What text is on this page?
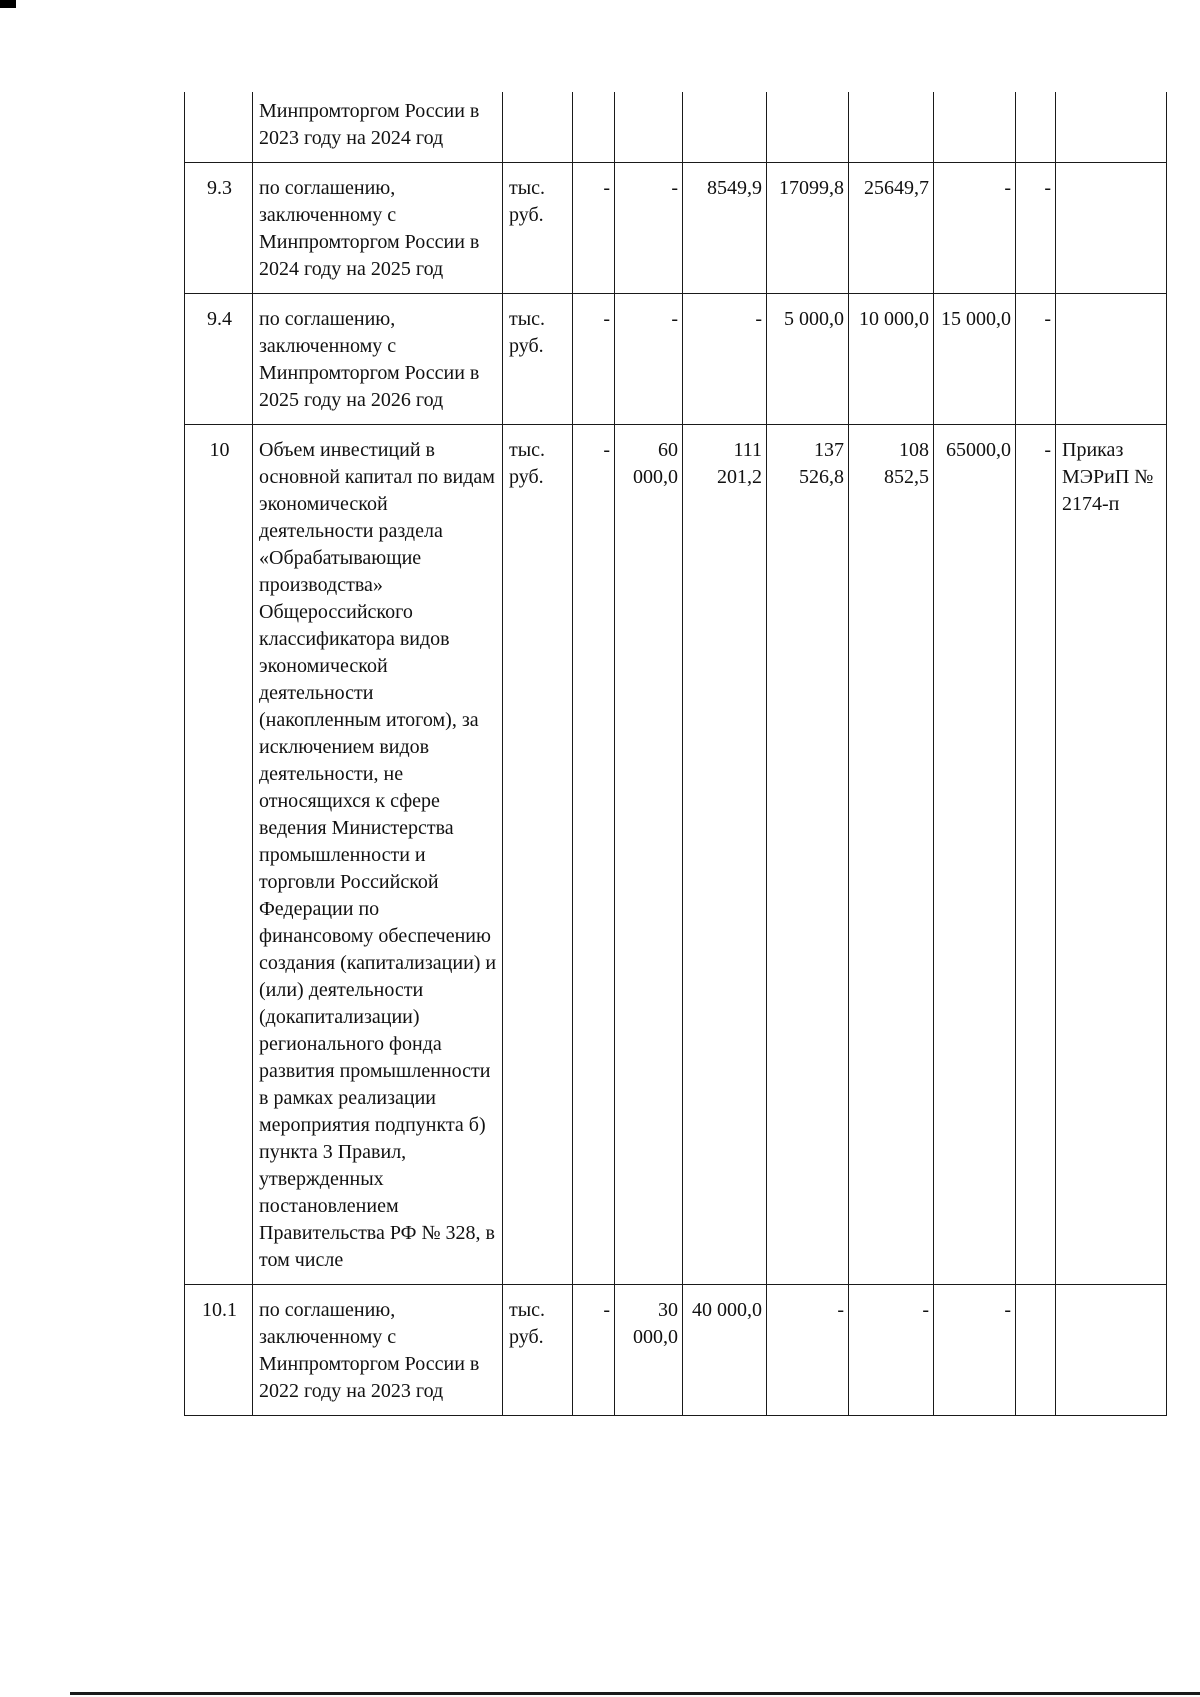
	Минпромторгом России в 2023 году на 2024 год									
9.3	по соглашению, заключенному с Минпромторгом России в 2024 году на 2025 год	тыс. руб.	-	-	8549,9	17099,8	25649,7	-	-	
9.4	по соглашению, заключенному с Минпромторгом России в 2025 году на 2026 год	тыс. руб.	-	-	-	5 000,0	10 000,0	15 000,0	-	
10	Объем инвестиций в основной капитал по видам экономической деятельности раздела «Обрабатывающие производства» Общероссийского классификатора видов экономической деятельности (накопленным итогом), за исключением видов деятельности, не относящихся к сфере ведения Министерства промышленности и торговли Российской Федерации по финансовому обеспечению создания (капитализации) и (или) деятельности (докапитализации) регионального фонда развития промышленности в рамках реализации мероприятия подпункта б) пункта 3 Правил, утвержденных постановлением Правительства РФ № 328, в том числе	тыс. руб.	-	60 000,0	111 201,2	137 526,8	108 852,5	65000,0	-	Приказ МЭРиП № 2174-п
10.1	по соглашению, заключенному с Минпромторгом России в 2022 году на 2023 год	тыс. руб.	-	30 000,0	40 000,0	-	-	-		
